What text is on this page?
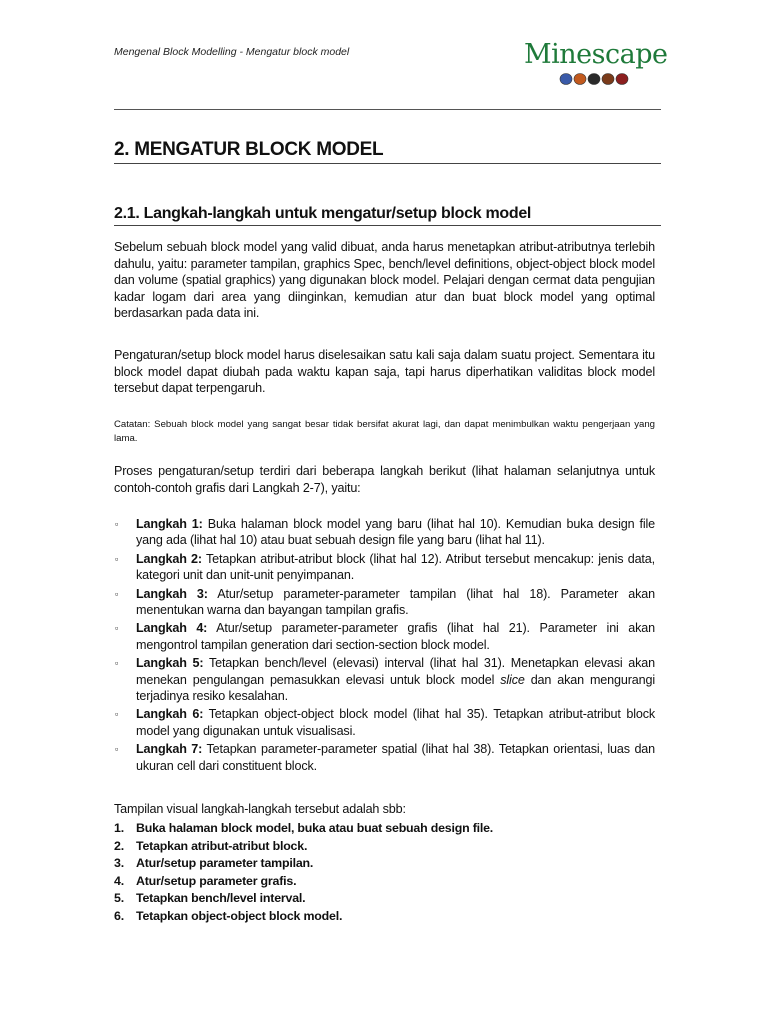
Mengenal Block Modelling - Mengatur block model	Minescape
2. MENGATUR BLOCK MODEL
2.1. Langkah-langkah untuk mengatur/setup block model
Sebelum sebuah block model yang valid dibuat, anda harus menetapkan atribut-atributnya terlebih dahulu, yaitu: parameter tampilan, graphics Spec, bench/level definitions, object-object block model dan volume (spatial graphics) yang digunakan block model. Pelajari dengan cermat data pengujian kadar logam dari area yang diinginkan, kemudian atur dan buat block model yang optimal berdasarkan pada data ini.
Pengaturan/setup block model harus diselesaikan satu kali saja dalam suatu project. Sementara itu block model dapat diubah pada waktu kapan saja, tapi harus diperhatikan validitas block model tersebut dapat terpengaruh.
Catatan: Sebuah block model yang sangat besar tidak bersifat akurat lagi, dan dapat menimbulkan waktu pengerjaan yang lama.
Proses pengaturan/setup terdiri dari beberapa langkah berikut (lihat halaman selanjutnya untuk contoh-contoh grafis dari Langkah 2-7), yaitu:
▫ Langkah 1: Buka halaman block model yang baru (lihat hal 10). Kemudian buka design file yang ada (lihat hal 10) atau buat sebuah design file yang baru (lihat hal 11).
▫ Langkah 2: Tetapkan atribut-atribut block (lihat hal 12). Atribut tersebut mencakup: jenis data, kategori unit dan unit-unit penyimpanan.
▫ Langkah 3: Atur/setup parameter-parameter tampilan (lihat hal 18). Parameter akan menentukan warna dan bayangan tampilan grafis.
▫ Langkah 4: Atur/setup parameter-parameter grafis (lihat hal 21). Parameter ini akan mengontrol tampilan generation dari section-section block model.
▫ Langkah 5: Tetapkan bench/level (elevasi) interval (lihat hal 31). Menetapkan elevasi akan menekan pengulangan pemasukkan elevasi untuk block model slice dan akan mengurangi terjadinya resiko kesalahan.
▫ Langkah 6: Tetapkan object-object block model (lihat hal 35). Tetapkan atribut-atribut block model yang digunakan untuk visualisasi.
▫ Langkah 7: Tetapkan parameter-parameter spatial (lihat hal 38). Tetapkan orientasi, luas dan ukuran cell dari constituent block.
Tampilan visual langkah-langkah tersebut adalah sbb:
1. Buka halaman block model, buka atau buat sebuah design file.
2. Tetapkan atribut-atribut block.
3. Atur/setup parameter tampilan.
4. Atur/setup parameter grafis.
5. Tetapkan bench/level interval.
6. Tetapkan object-object block model.
